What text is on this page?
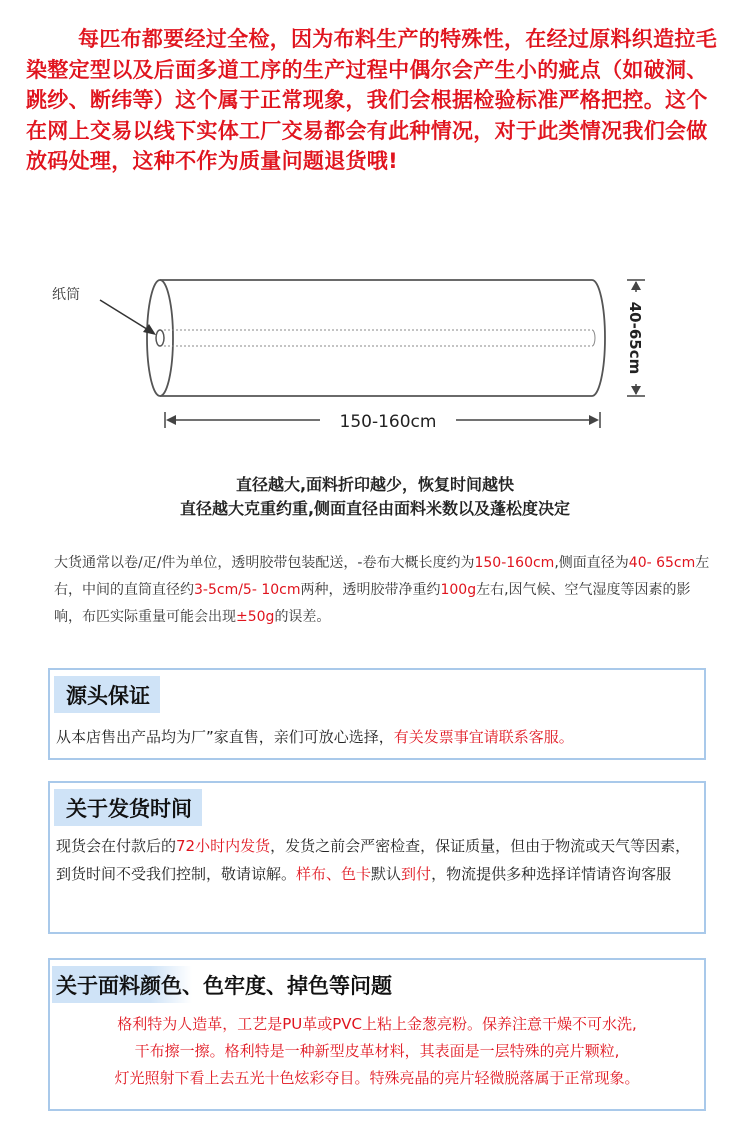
每匹布都要经过全检，因为布料生产的特殊性，在经过原料织造拉毛染整定型以及后面多道工序的生产过程中偶尔会产生小的疵点（如破洞、跳纱、断纬等）这个属于正常现象，我们会根据检验标准严格把控。这个在网上交易以线下实体工厂交易都会有此种情况，对于此类情况我们会做放码处理，这种不作为质量问题退货哦!
纸筒
150-160cm
40-65cm
直径越大,面料折印越少，恢复时间越快
直径越大克重约重,侧面直径由面料米数以及蓬松度决定
大货通常以卷/疋/件为单位，透明胶带包装配送，-卷布大概长度约为150-160cm,侧面直径为40- 65cm左右，中间的直筒直径约3-5cm/5- 10cm两种，透明胶带净重约100g左右,因气候、空气湿度等因素的影响，布匹实际重量可能会出现±50g的误差。
源头保证
从本店售出产品均为厂”家直售，亲们可放心选择，有关发票事宜请联系客服。
关于发货时间
现货会在付款后的72小时内发货，发货之前会严密检查，保证质量，但由于物流或天气等因素，到货时间不受我们控制，敬请谅解。样布、色卡默认到付，物流提供多种选择详情请咨询客服
关于面料颜色、色牢度、掉色等问题
格利特为人造革，工艺是PU革或PVC上粘上金葱亮粉。保养注意干燥不可水洗,
干布擦一擦。格利特是一种新型皮革材料，其表面是一层特殊的亮片颗粒,
灯光照射下看上去五光十色炫彩夺目。特殊亮晶的亮片轻微脱落属于正常现象。
